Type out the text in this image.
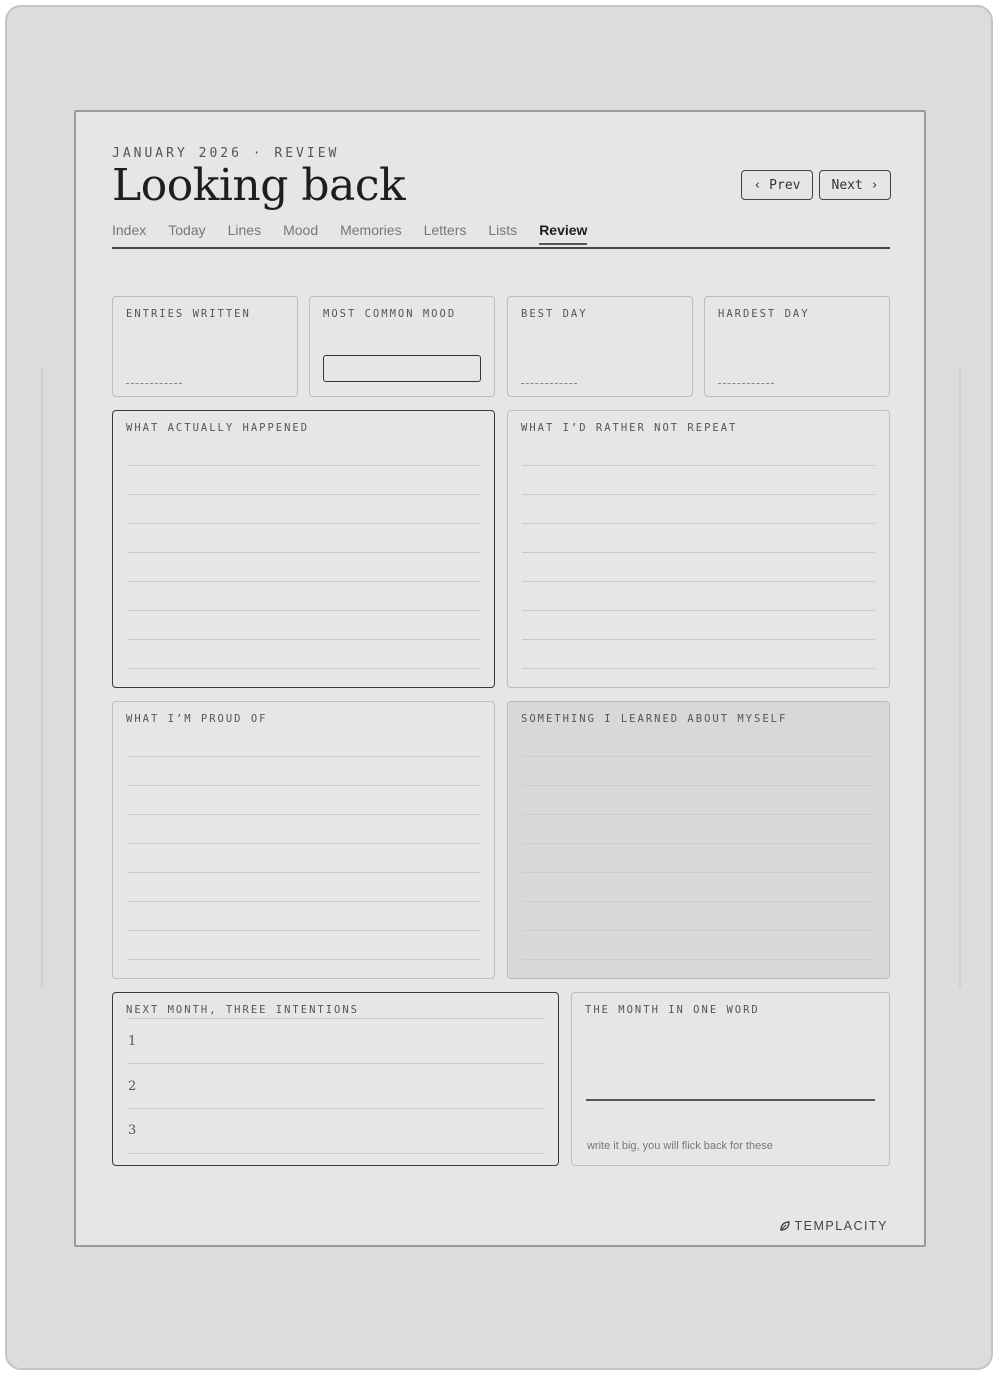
JANUARY 2026 · REVIEW
Looking back	‹ Prev	Next ›
Index Today Lines Mood Memories Letters Lists Review
ENTRIES WRITTEN	MOST COMMON MOOD	BEST DAY	HARDEST DAY
WHAT ACTUALLY HAPPENED	WHAT I’D RATHER NOT REPEAT
WHAT I’M PROUD OF	SOMETHING I LEARNED ABOUT MYSELF
NEXT MONTH, THREE INTENTIONS
1
2
3
THE MONTH IN ONE WORD
write it big, you will flick back for these
TEMPLACITY
